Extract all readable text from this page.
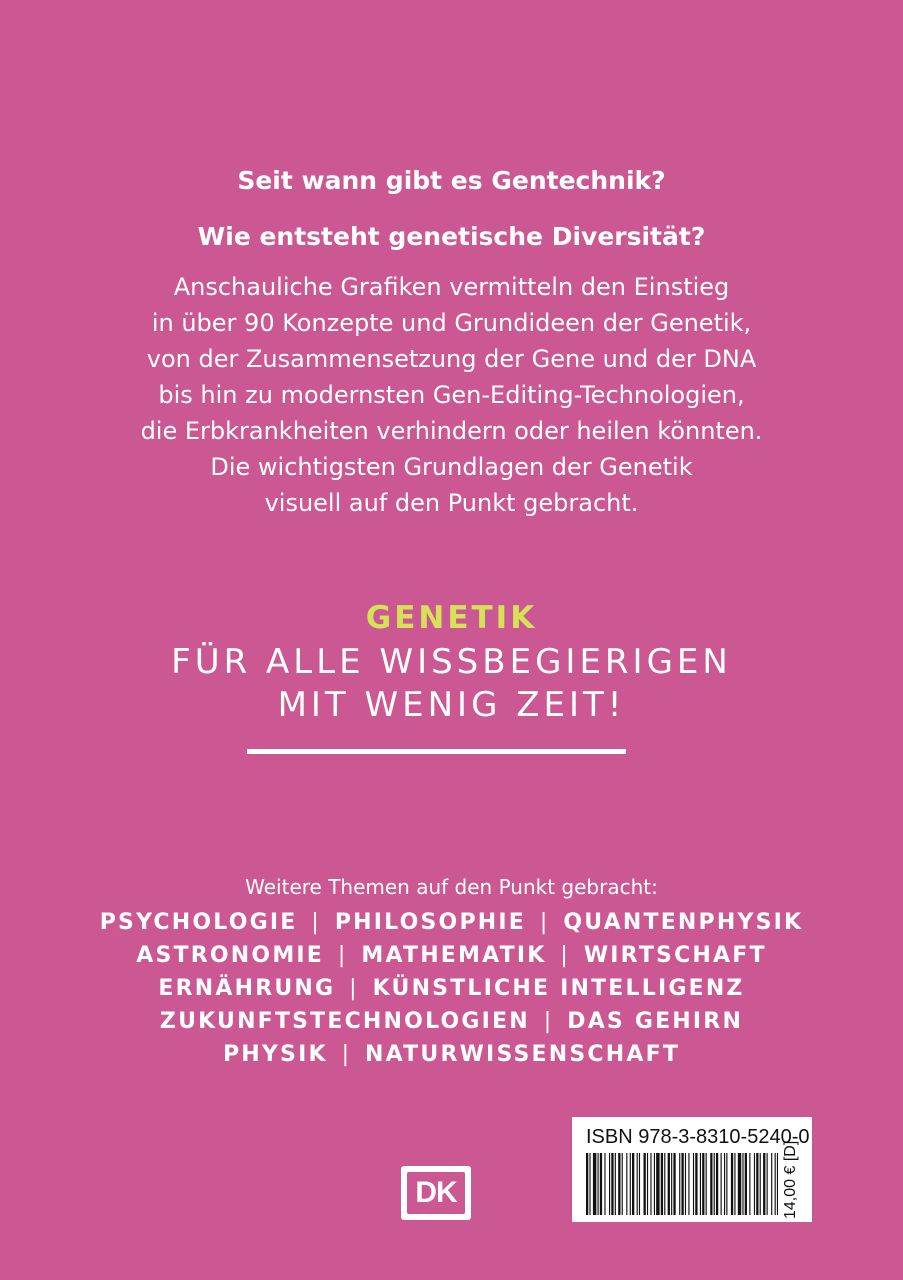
Seit wann gibt es Gentechnik?
Wie entsteht genetische Diversität?
Anschauliche Grafiken vermitteln den Einstieg
in über 90 Konzepte und Grundideen der Genetik,
von der Zusammensetzung der Gene und der DNA
bis hin zu modernsten Gen-Editing-Technologien,
die Erbkrankheiten verhindern oder heilen könnten.
Die wichtigsten Grundlagen der Genetik
visuell auf den Punkt gebracht.
GENETIK
FÜR ALLE WISSBEGIERIGEN
MIT WENIG ZEIT!
Weitere Themen auf den Punkt gebracht:
PSYCHOLOGIE | PHILOSOPHIE | QUANTENPHYSIK
ASTRONOMIE | MATHEMATIK | WIRTSCHAFT
ERNÄHRUNG | KÜNSTLICHE INTELLIGENZ
ZUKUNFTSTECHNOLOGIEN | DAS GEHIRN
PHYSIK | NATURWISSENSCHAFT
DK
ISBN 978-3-8310-5240-0
14,00 € [D]
